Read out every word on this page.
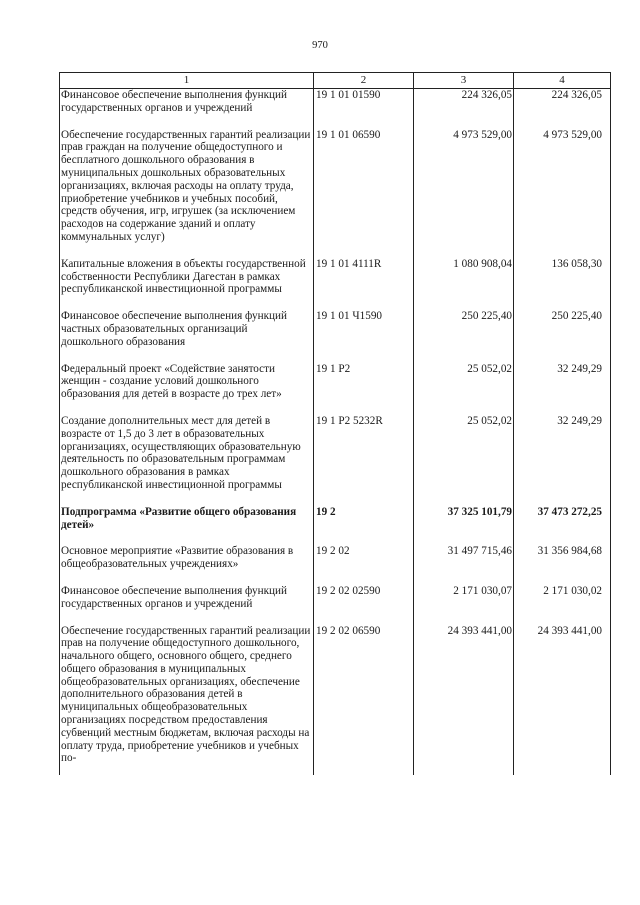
970
1	2	3	4
Финансовое обеспечение выполнения функций государственных органов и учреждений	19 1 01 01590	224 326,05	224 326,05
Обеспечение государственных гарантий реализации прав граждан на получение общедоступного и бесплатного дошкольного образования в муниципальных дошкольных образовательных организациях, включая расходы на оплату труда, приобретение учебников и учебных пособий, средств обучения, игр, игрушек (за исключением расходов на содержание зданий и оплату коммунальных услуг)	19 1 01 06590	4 973 529,00	4 973 529,00
Капитальные вложения в объекты государственной собственности Республики Дагестан в рамках республиканской инвестиционной программы	19 1 01 4111R	1 080 908,04	136 058,30
Финансовое обеспечение выполнения функций частных образовательных организаций дошкольного образования	19 1 01 Ч1590	250 225,40	250 225,40
Федеральный проект «Содействие занятости женщин - создание условий дошкольного образования для детей в возрасте до трех лет»	19 1 P2	25 052,02	32 249,29
Создание дополнительных мест для детей в возрасте от 1,5 до 3 лет в образовательных организациях, осуществляющих образовательную деятельность по образовательным программам дошкольного образования в рамках республиканской инвестиционной программы	19 1 P2 5232R	25 052,02	32 249,29
Подпрограмма «Развитие общего образования детей»	19 2	37 325 101,79	37 473 272,25
Основное мероприятие «Развитие образования в общеобразовательных учреждениях»	19 2 02	31 497 715,46	31 356 984,68
Финансовое обеспечение выполнения функций государственных органов и учреждений	19 2 02 02590	2 171 030,07	2 171 030,02
Обеспечение государственных гарантий реализации прав на получение общедоступного дошкольного, начального общего, основного общего, среднего общего образования в муниципальных общеобразовательных организациях, обеспечение дополнительного образования детей в муниципальных общеобразовательных организациях посредством предоставления субвенций местным бюджетам, включая расходы на оплату труда, приобретение учебников и учебных по-	19 2 02 06590	24 393 441,00	24 393 441,00
